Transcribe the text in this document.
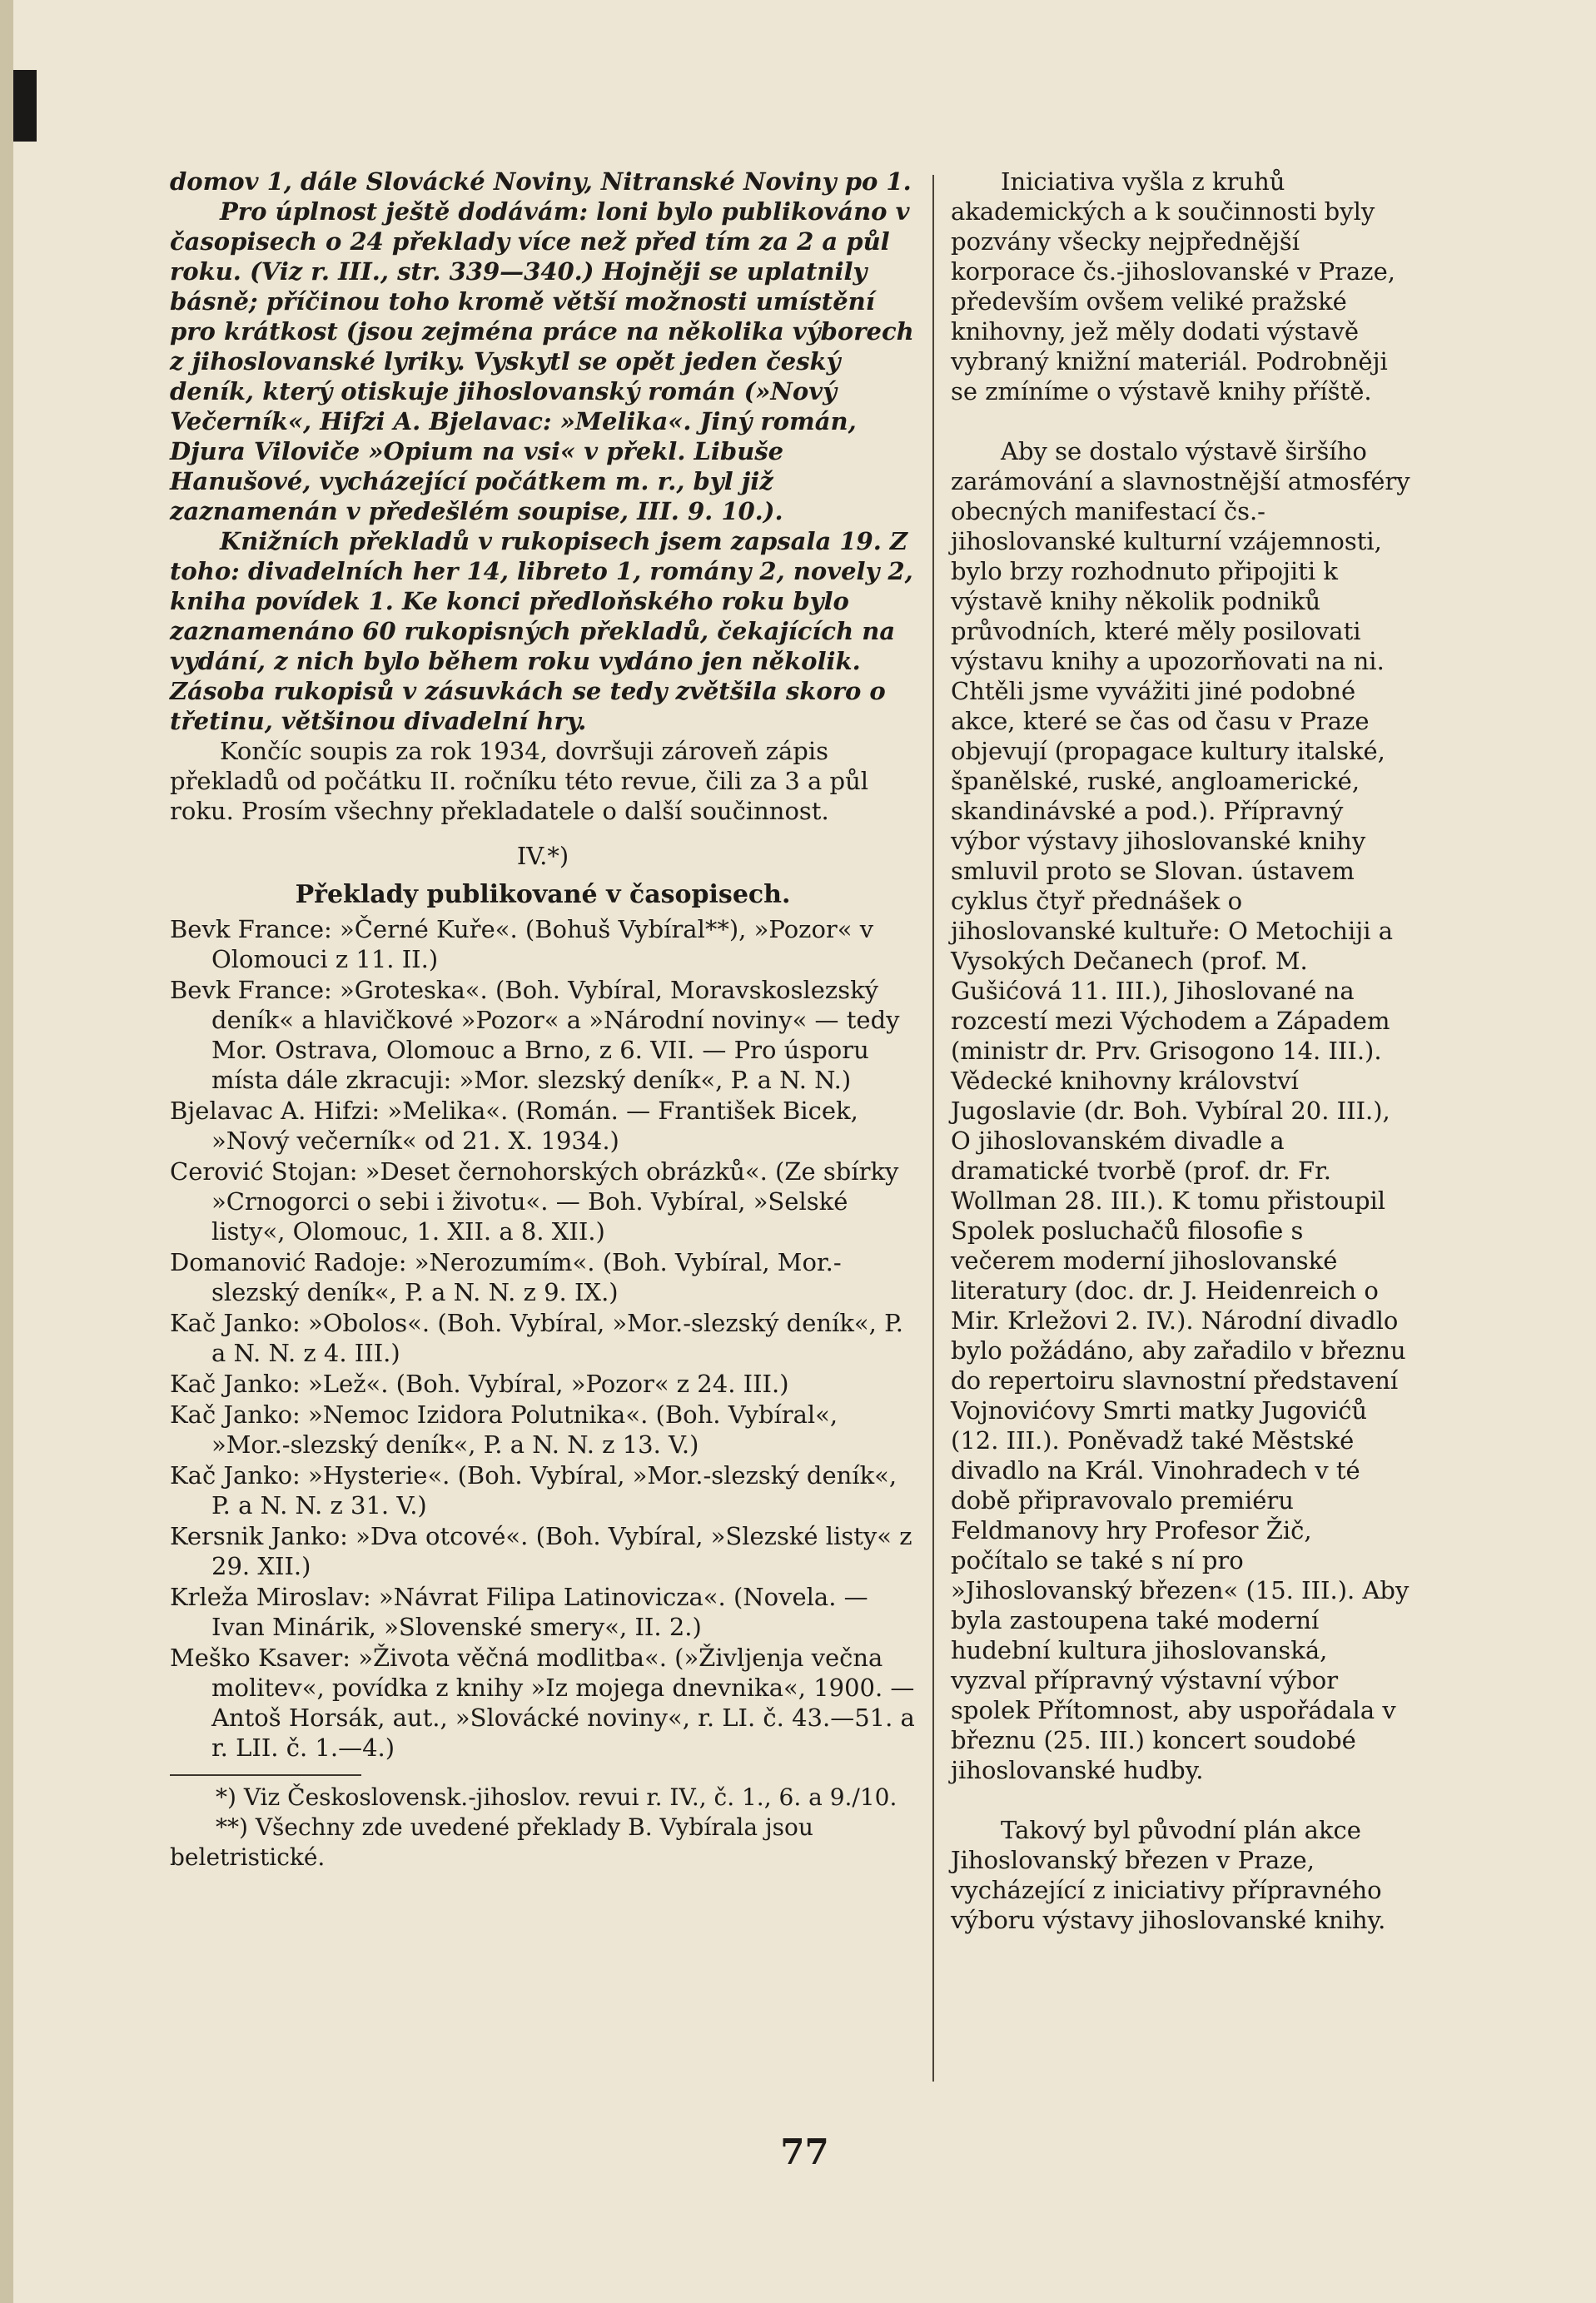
domov 1, dále Slovácké Noviny, Nitranské Noviny po 1.

Pro úplnost ještě dodávám: loni bylo publikováno v časopisech o 24 překlady více než před tím za 2 a půl roku. (Viz r. III., str. 339—340.) Hojněji se uplatnily básně; příčinou toho kromě větší možnosti umístění pro krátkost (jsou zejména práce na několika výborech z jihoslovanské lyriky. Vyskytl se opět jeden český deník, který otiskuje jihoslovanský román (»Nový Večerník«, Hifzi A. Bjelavac: »Melika«. Jiný román, Djura Viloviče »Opium na vsi« v překl. Libuše Hanušové, vycházející počátkem m. r., byl již zaznamenán v předešlém soupise, III. 9. 10.).

Knižních překladů v rukopisech jsem zapsala 19. Z toho: divadelních her 14, libreto 1, romány 2, novely 2, kniha povídek 1. Ke konci předloňského roku bylo zaznamenáno 60 rukopisných překladů, čekajících na vydání, z nich bylo během roku vydáno jen několik. Zásoba rukopisů v zásuvkách se tedy zvětšila skoro o třetinu, většinou divadelní hry.

Končíc soupis za rok 1934, dovršuji zároveň zápis překladů od počátku II. ročníku této revue, čili za 3 a půl roku. Prosím všechny překladatele o další součinnost.

IV.*)

Překlady publikované v časopisech.

Bevk France: »Černé Kuře«. (Bohuš Vybíral**), »Pozor« v Olomouci z 11. II.)

Bevk France: »Groteska«. (Boh. Vybíral, Moravskoslezský deník« a hlavičkové »Pozor« a »Národní noviny« — tedy Mor. Ostrava, Olomouc a Brno, z 6. VII. — Pro úsporu místa dále zkracuji: »Mor. slezský deník«, P. a N. N.)

Bjelavac A. Hifzi: »Melika«. (Román. — František Bicek, »Nový večerník« od 21. X. 1934.)

Cerović Stojan: »Deset černohorských obrázků«. (Ze sbírky »Crnogorci o sebi i životu«. — Boh. Vybíral, »Selské listy«, Olomouc, 1. XII. a 8. XII.)

Domanović Radoje: »Nerozumím«. (Boh. Vybíral, Mor.-slezský deník«, P. a N. N. z 9. IX.)

Kač Janko: »Obolos«. (Boh. Vybíral, »Mor.-slezský deník«, P. a N. N. z 4. III.)

Kač Janko: »Lež«. (Boh. Vybíral, »Pozor« z 24. III.)

Kač Janko: »Nemoc Izidora Polutnika«. (Boh. Vybíral«, »Mor.-slezský deník«, P. a N. N. z 13. V.)

Kač Janko: »Hysterie«. (Boh. Vybíral, »Mor.-slezský deník«, P. a N. N. z 31. V.)

Kersnik Janko: »Dva otcové«. (Boh. Vybíral, »Slezské listy« z 29. XII.)

Krleža Miroslav: »Návrat Filipa Latinovicza«. (Novela. — Ivan Minárik, »Slovenské smery«, II. 2.)

Meško Ksaver: »Života věčná modlitba«. (»Življenja večna molitev«, povídka z knihy »Iz mojega dnevnika«, 1900. — Antoš Horsák, aut., »Slovácké noviny«, r. LI. č. 43.—51. a r. LII. č. 1.—4.)

*) Viz Československ.-jihoslov. revui r. IV., č. 1., 6. a 9./10.

**) Všechny zde uvedené překlady B. Vybírala jsou beletristické.

Iniciativa vyšla z kruhů akademických a k součinnosti byly pozvány všecky nejpřednější korporace čs.-jihoslovanské v Praze, především ovšem veliké pražské knihovny, jež měly dodati výstavě vybraný knižní materiál. Podrobněji se zmíníme o výstavě knihy příště.

Aby se dostalo výstavě širšího zarámování a slavnostnější atmosféry obecných manifestací čs.-jihoslovanské kulturní vzájemnosti, bylo brzy rozhodnuto připojiti k výstavě knihy několik podniků průvodních, které měly posilovati výstavu knihy a upozorňovati na ni. Chtěli jsme vyvážiti jiné podobné akce, které se čas od času v Praze objevují (propagace kultury italské, španělské, ruské, angloamerické, skandinávské a pod.). Přípravný výbor výstavy jihoslovanské knihy smluvil proto se Slovan. ústavem cyklus čtyř přednášek o jihoslovanské kultuře: O Metochiji a Vysokých Dečanech (prof. M. Gušićová 11. III.), Jihoslované na rozcestí mezi Východem a Západem (ministr dr. Prv. Grisogono 14. III.). Vědecké knihovny království Jugoslavie (dr. Boh. Vybíral 20. III.), O jihoslovanském divadle a dramatické tvorbě (prof. dr. Fr. Wollman 28. III.). K tomu přistoupil Spolek posluchačů filosofie s večerem moderní jihoslovanské literatury (doc. dr. J. Heidenreich o Mir. Krležovi 2. IV.). Národní divadlo bylo požádáno, aby zařadilo v březnu do repertoiru slavnostní představení Vojnovićovy Smrti matky Jugovićů (12. III.). Poněvadž také Městské divadlo na Král. Vinohradech v té době připravovalo premiéru Feldmanovy hry Profesor Žič, počítalo se také s ní pro »Jihoslovanský březen« (15. III.). Aby byla zastoupena také moderní hudební kultura jihoslovanská, vyzval přípravný výstavní výbor spolek Přítomnost, aby uspořádala v březnu (25. III.) koncert soudobé jihoslovanské hudby.

Takový byl původní plán akce Jihoslovanský březen v Praze, vycházející z iniciativy přípravného výboru výstavy jihoslovanské knihy.

77
